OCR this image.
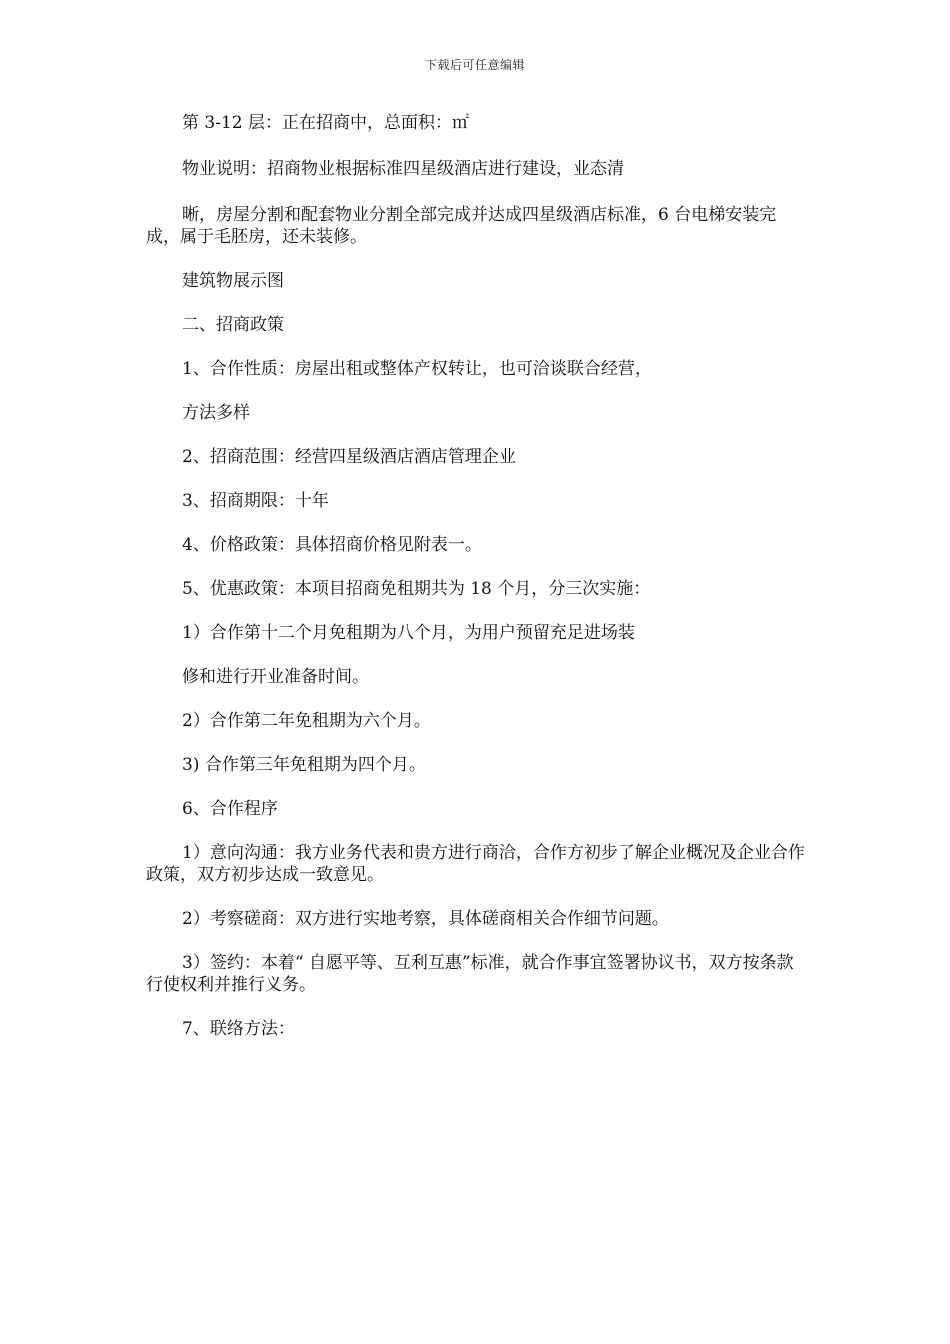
下载后可任意编辑

第 3-12 层：正在招商中，总面积：㎡

物业说明：招商物业根据标准四星级酒店进行建设，业态清

晰，房屋分割和配套物业分割全部完成并达成四星级酒店标准，6 台电梯安装完成，属于毛胚房，还未装修。

建筑物展示图

二、招商政策

1、合作性质：房屋出租或整体产权转让，也可洽谈联合经营，

方法多样

2、招商范围：经营四星级酒店酒店管理企业

3、招商期限：十年

4、价格政策：具体招商价格见附表一。

5、优惠政策：本项目招商免租期共为 18 个月，分三次实施：

1）合作第十二个月免租期为八个月，为用户预留充足进场装

修和进行开业准备时间。

2）合作第二年免租期为六个月。

3) 合作第三年免租期为四个月。

6、合作程序

1）意向沟通：我方业务代表和贵方进行商洽，合作方初步了解企业概况及企业合作政策，双方初步达成一致意见。

2）考察磋商：双方进行实地考察，具体磋商相关合作细节问题。

3）签约：本着“ 自愿平等、互利互惠”标准，就合作事宜签署协议书，双方按条款行使权利并推行义务。

7、联络方法：
